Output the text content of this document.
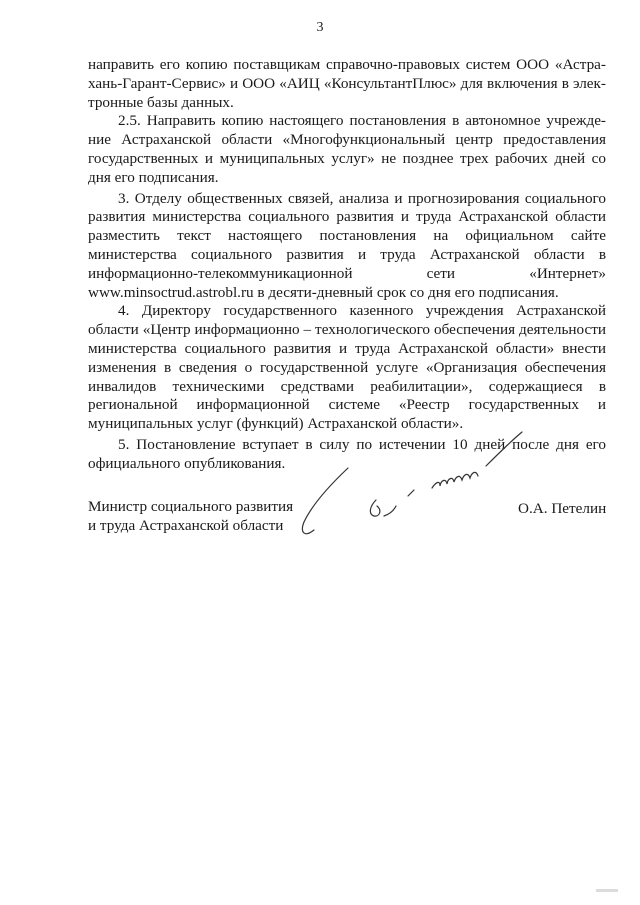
3

направить его копию поставщикам справочно-правовых систем ООО «Астра- хань-Гарант-Сервис» и ООО «АИЦ «КонсультантПлюс» для включения в элек-тронные базы данных.

2.5. Направить копию настоящего постановления в автономное учрежде- ние Астраханской области «Многофункциональный центр предоставления государственных и муниципальных услуг» не позднее трех рабочих дней со дня его подписания.

3. Отделу общественных связей, анализа и прогнозирования социального развития министерства социального развития и труда Астраханской области разместить текст настоящего постановления на официальном сайте министерства социального развития и труда Астраханской области в информационно-телекоммуникационной сети «Интернет» www.minsoctrud.astrobl.ru в десяти-дневный срок со дня его подписания.

4. Директору государственного казенного учреждения Астраханской области «Центр информационно – технологического обеспечения деятельности министерства социального развития и труда Астраханской области» внести изменения в сведения о государственной услуге «Организация обеспечения инвалидов техническими средствами реабилитации», содержащиеся в региональной информационной системе «Реестр государственных и муниципальных услуг (функций) Астраханской области».

5. Постановление вступает в силу по истечении 10 дней после дня его официального опубликования.

Министр социального развития
и труда Астраханской области
О.А. Петелин
